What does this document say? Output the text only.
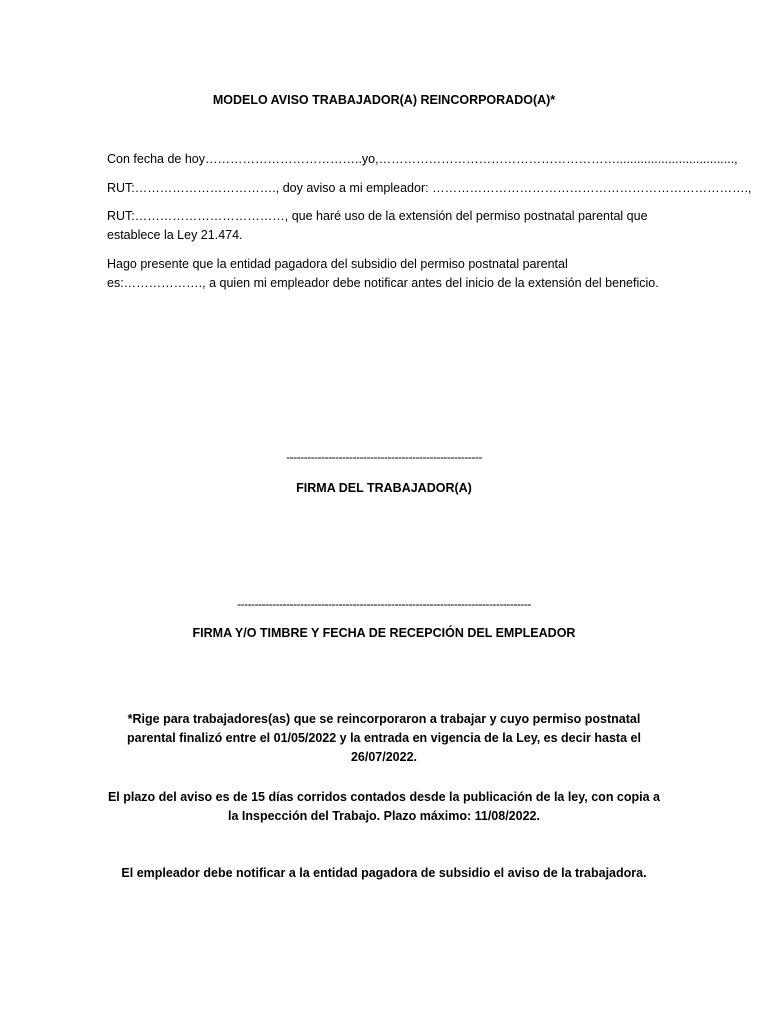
MODELO AVISO TRABAJADOR(A) REINCORPORADO(A)*

Con fecha de hoy………………………………..yo,…………………………………………………..................................,

RUT:……………………………., doy aviso a mi empleador: ………………………………………………………………….,

RUT:………………………………, que haré uso de la extensión del permiso postnatal parental que establece la Ley 21.474.

Hago presente que la entidad pagadora del subsidio del permiso postnatal parental es:………………., a quien mi empleador debe notificar antes del inicio de la extensión del beneficio.

--------------------------------------------------------
FIRMA DEL TRABAJADOR(A)
------------------------------------------------------------------------------------
FIRMA Y/O TIMBRE Y FECHA DE RECEPCIÓN DEL EMPLEADOR
*Rige para trabajadores(as) que se reincorporaron a trabajar y cuyo permiso postnatal parental finalizó entre el 01/05/2022 y la entrada en vigencia de la Ley, es decir hasta el 26/07/2022.
El plazo del aviso es de 15 días corridos contados desde la publicación de la ley, con copia a la Inspección del Trabajo. Plazo máximo: 11/08/2022.
El empleador debe notificar a la entidad pagadora de subsidio el aviso de la trabajadora.
